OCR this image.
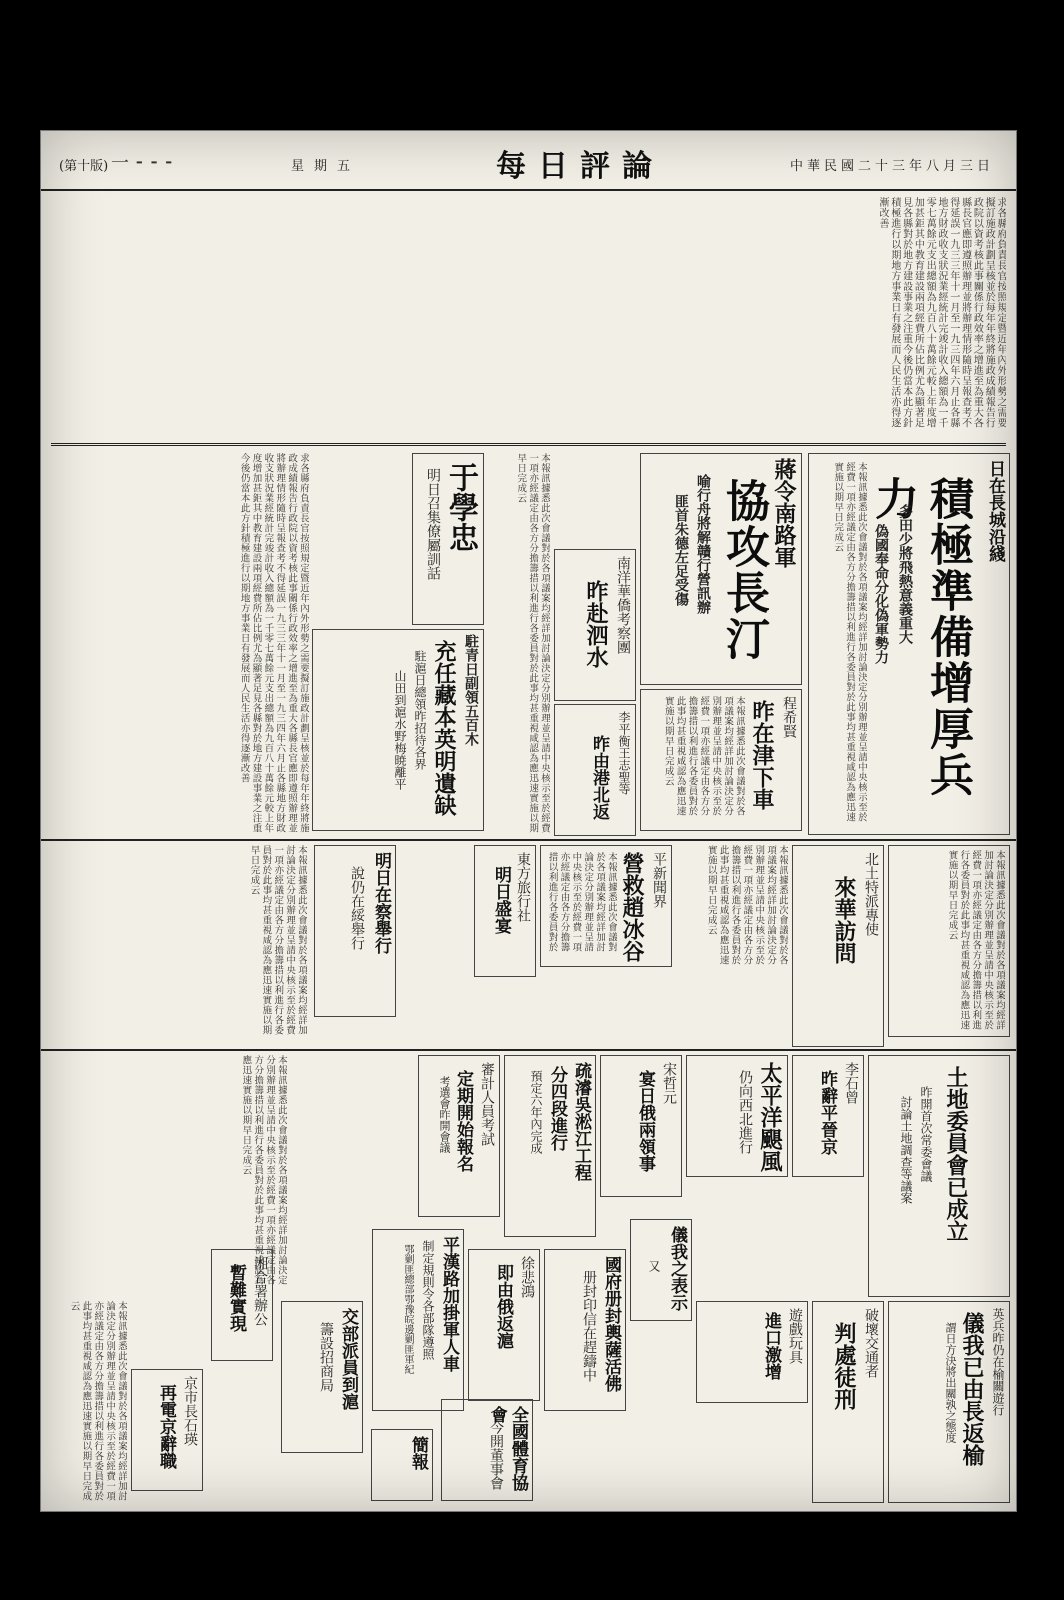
(第十版) 一 ⁃ ⁃ ⁃	星期五	每日評論	中華民國二十三年八月三日
求各縣府負責長官按照規定暨近年內外形勢之需要擬訂施政計劃呈核並於每年年終將施政成績報告行政院以資考核此事關係行政效率之增進至為重大各縣長官應即遵照辦理並將辦理情形隨時呈報查考不得延誤一九三三年十一月至一九三四年六月止各縣地方財政收支狀況業經統計完竣計收入總額為一千零七萬餘元支出總額為九百八十萬餘元較上年度增加甚鉅其中教育建設兩項經費所佔比例尤為顯著足見各縣對於地方建設事業之注重今後仍當本此方針積極進行以期地方事業日有發展而人民生活亦得逐漸改善
日在長城沿綫
積極準備增厚兵力
多田少將飛熱意義重大
偽國奉命分化偽軍勢力
本報訊據悉此次會議對於各項議案均經詳加討論決定分別辦理並呈請中央核示至於經費一項亦經議定由各方分擔籌措以利進行各委員對於此事均甚重視咸認為應迅速實施以期早日完成云
蔣令南路軍
協攻長汀
喻行舟將解贛行營訊辦
匪首朱德左足受傷
程希賢
昨在津下車
本報訊據悉此次會議對於各項議案均經詳加討論決定分別辦理並呈請中央核示至於經費一項亦經議定由各方分擔籌措以利進行各委員對於此事均甚重視咸認為應迅速實施以期早日完成云
南洋華僑考察團
昨赴泗水
李平衡王志聖等
昨由港北返
本報訊據悉此次會議對於各項議案均經詳加討論決定分別辦理並呈請中央核示至於經費一項亦經議定由各方分擔籌措以利進行各委員對於此事均甚重視咸認為應迅速實施以期早日完成云
于學忠
明日召集僚屬訓話
駐青日副領五百木
充任藏本英明遺缺
駐滬日總領昨招待各界
山田到滬水野梅暁離平
求各縣府負責長官按照規定暨近年內外形勢之需要擬訂施政計劃呈核並於每年年終將施政成績報告行政院以資考核此事關係行政效率之增進至為重大各縣長官應即遵照辦理並將辦理情形隨時呈報查考不得延誤一九三三年十一月至一九三四年六月止各縣地方財政收支狀況業經統計完竣計收入總額為一千零七萬餘元支出總額為九百八十萬餘元較上年度增加甚鉅其中教育建設兩項經費所佔比例尤為顯著足見各縣對於地方建設事業之注重今後仍當本此方針積極進行以期地方事業日有發展而人民生活亦得逐漸改善
本報訊據悉此次會議對於各項議案均經詳加討論決定分別辦理並呈請中央核示至於經費一項亦經議定由各方分擔籌措以利進行各委員對於此事均甚重視咸認為應迅速實施以期早日完成云
北土特派專使
來華訪問
本報訊據悉此次會議對於各項議案均經詳加討論決定分別辦理並呈請中央核示至於經費一項亦經議定由各方分擔籌措以利進行各委員對於此事均甚重視咸認為應迅速實施以期早日完成云
平新聞界
營救趙冰谷
本報訊據悉此次會議對於各項議案均經詳加討論決定分別辦理並呈請中央核示至於經費一項亦經議定由各方分擔籌措以利進行各委員對於
東方旅行社
明日盛宴
明日在察舉行
說仍在綏舉行
本報訊據悉此次會議對於各項議案均經詳加討論決定分別辦理並呈請中央核示至於經費一項亦經議定由各方分擔籌措以利進行各委員對於此事均甚重視咸認為應迅速實施以期早日完成云
土地委員會已成立
昨開首次常委會議
討論土地調查等議案
李石曾
昨辭平晉京
太平洋颶風
仍向西北進行
宋哲元
宴日俄兩領事
疏濬吳淞江工程
分四段進行
預定六年內完成
審計人員考試
定期開始報名
考選會昨開會議
本報訊據悉此次會議對於各項議案均經詳加討論決定分別辦理並呈請中央核示至於經費一項亦經議定由各方分擔籌措以利進行各委員對於此事均甚重視咸認為應迅速實施以期早日完成云
英兵昨仍在榆關遊行
儀我已由長返榆
謂日方決將出關孰之態度
破壞交通者
判處徒刑
遊戲玩具
進口激增
儀我之表示
又
國府册封輿薩活佛
册封印信在趕鑄中
徐悲鴻
即由俄返滬
平漢路加掛軍人車
制定規則令各部隊遵照
鄂剿匪總部鄂豫皖邊剿匪軍紀
交部派員到滬
籌設招商局
湘合署辦公
暫難實現
京市長石瑛
再電京辭職	全國體育協會
今開董事會
簡報
本報訊據悉此次會議對於各項議案均經詳加討論決定分別辦理並呈請中央核示至於經費一項亦經議定由各方分擔籌措以利進行各委員對於此事均甚重視咸認為應迅速實施以期早日完成云
